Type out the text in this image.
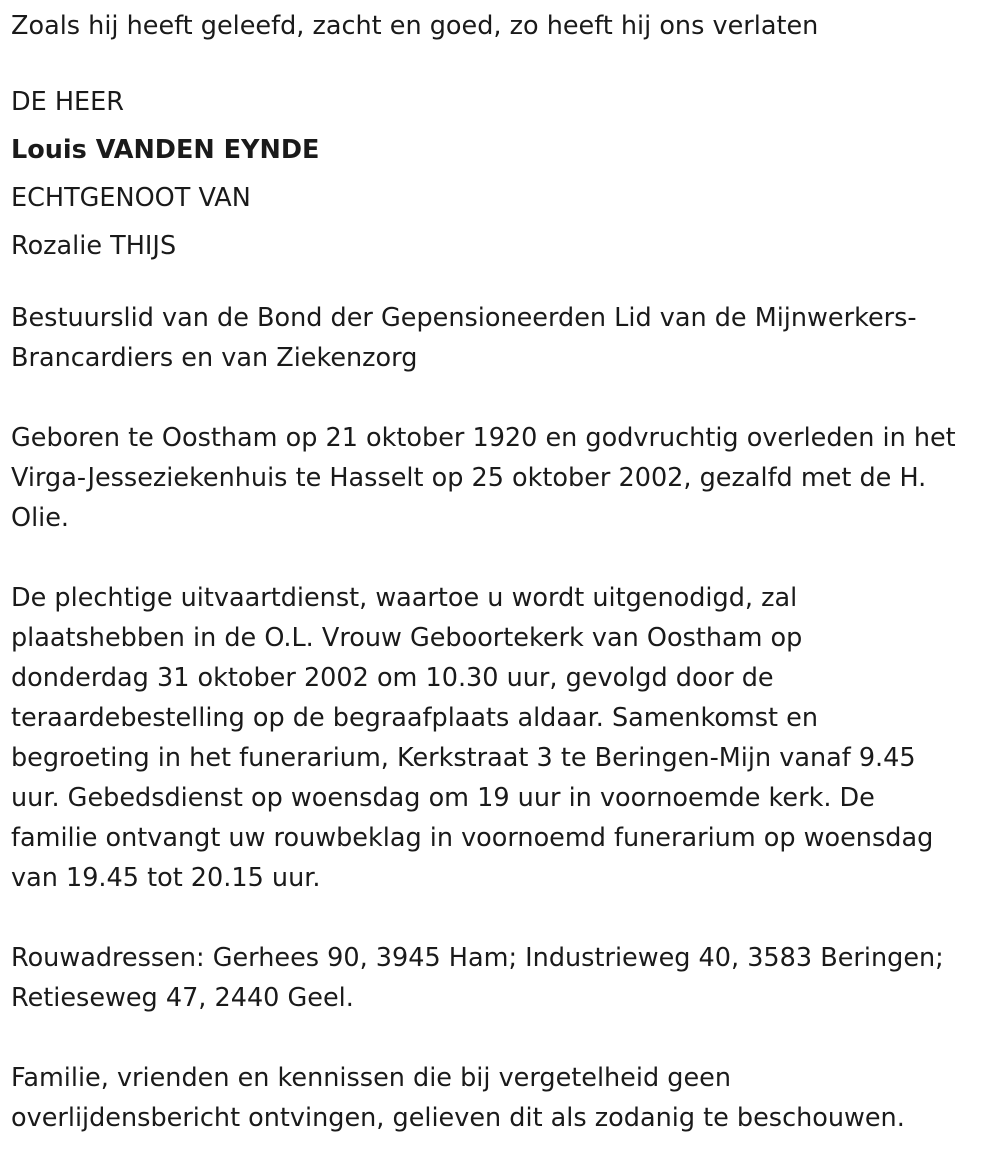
Zoals hij heeft geleefd, zacht en goed, zo heeft hij ons verlaten
DE HEER
Louis VANDEN EYNDE
ECHTGENOOT VAN
Rozalie THIJS
Bestuurslid van de Bond der Gepensioneerden Lid van de Mijnwerkers-
Brancardiers en van Ziekenzorg
Geboren te Oostham op 21 oktober 1920 en godvruchtig overleden in het
Virga-Jesseziekenhuis te Hasselt op 25 oktober 2002, gezalfd met de H.
Olie.
De plechtige uitvaartdienst, waartoe u wordt uitgenodigd, zal
plaatshebben in de O.L. Vrouw Geboortekerk van Oostham op
donderdag 31 oktober 2002 om 10.30 uur, gevolgd door de
teraardebestelling op de begraafplaats aldaar. Samenkomst en
begroeting in het funerarium, Kerkstraat 3 te Beringen-Mijn vanaf 9.45
uur. Gebedsdienst op woensdag om 19 uur in voornoemde kerk. De
familie ontvangt uw rouwbeklag in voornoemd funerarium op woensdag
van 19.45 tot 20.15 uur.
Rouwadressen: Gerhees 90, 3945 Ham; Industrieweg 40, 3583 Beringen;
Retieseweg 47, 2440 Geel.
Familie, vrienden en kennissen die bij vergetelheid geen
overlijdensbericht ontvingen, gelieven dit als zodanig te beschouwen.
